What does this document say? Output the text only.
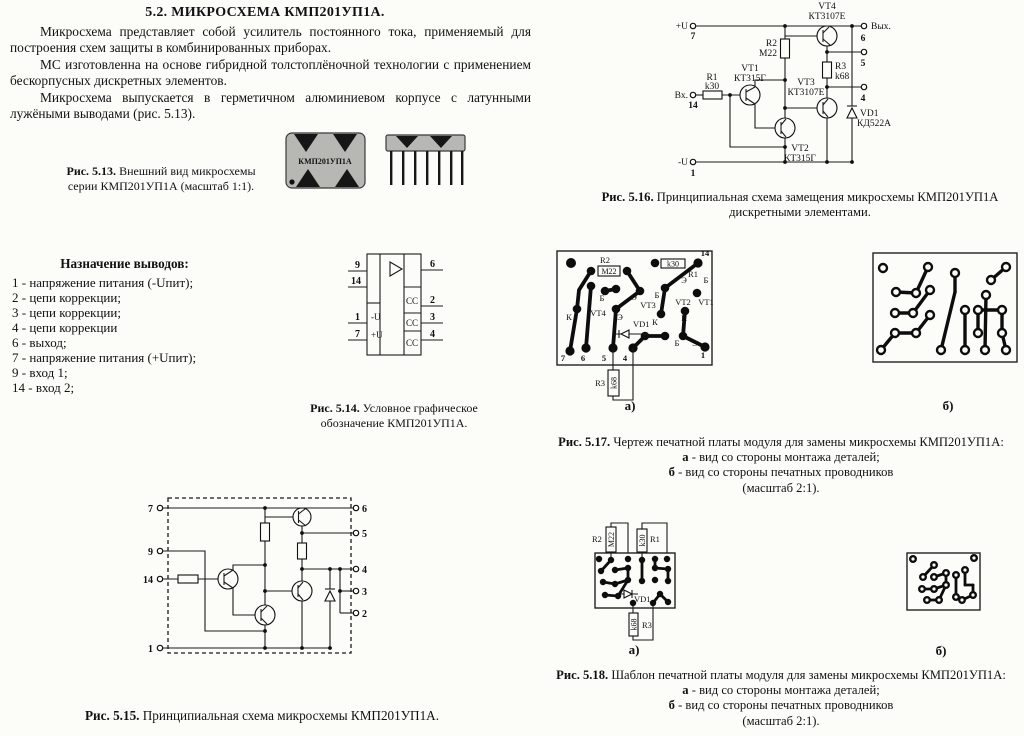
5.2. МИКРОСХЕМА КМП201УП1А.

Микросхема представляет собой усилитель постоянного тока, применяемый для построения схем защиты в комбинированных приборах.

МС изготовленна на основе гибридной толстоплёночной технологии с применением бескорпусных дискретных элементов.

Микросхема выпускается в герметичном алюминиевом корпусе с латунными лужёными выводами (рис. 5.13).

КМП201УП1А
Рис. 5.13. Внешний вид микросхемы
серии КМП201УП1А (масштаб 1:1).

Назначение выводов:

1 - напряжение питания (-Uпит);

2 - цепи коррекции;

3 - цепи коррекции;

4 - цепи коррекции

6 - выход;

7 - напряжение питания (+Uпит);

9 - вход 1;

14 - вход 2;

9
14
1
7
6
2
3
4
-U
+U
CC
CC
CC
Рис. 5.14. Условное графическое
обозначение КМП201УП1А.
7
9
14
1
6
5
4
3
2
Рис. 5.15. Принципиальная схема микросхемы КМП201УП1А.
+U
7
VT4
КТ3107Е
Вых.
6
R2
М22
5
R3
k68
4
VT1
КТ315Г
R1
k30
Вх.
14
VT3
КТ3107Е
VT2
КТ315Г
VD1
КД522А
-U
1
Рис. 5.16. Принципиальная схема замещения микросхемы КМП201УП1А
дискретными элементами.
R2
М22
k30
R1
14
Э Б
VT2 VT1
Б	Э Б
VT3
К VT4 Э	К	К
VD1
Б Э
7 6 5 4	1
R3 k68
а)	б)
Рис. 5.17. Чертеж печатной платы модуля для замены микросхемы КМП201УП1А:
а - вид со стороны монтажа деталей;
б - вид со стороны печатных проводников
(масштаб 2:1).
R2 М22	R1
k30
VD1
R3
k68
а)	б)
Рис. 5.18. Шаблон печатной платы модуля для замены микросхемы КМП201УП1А:
а - вид со стороны монтажа деталей;
б - вид со стороны печатных проводников
(масштаб 2:1).
